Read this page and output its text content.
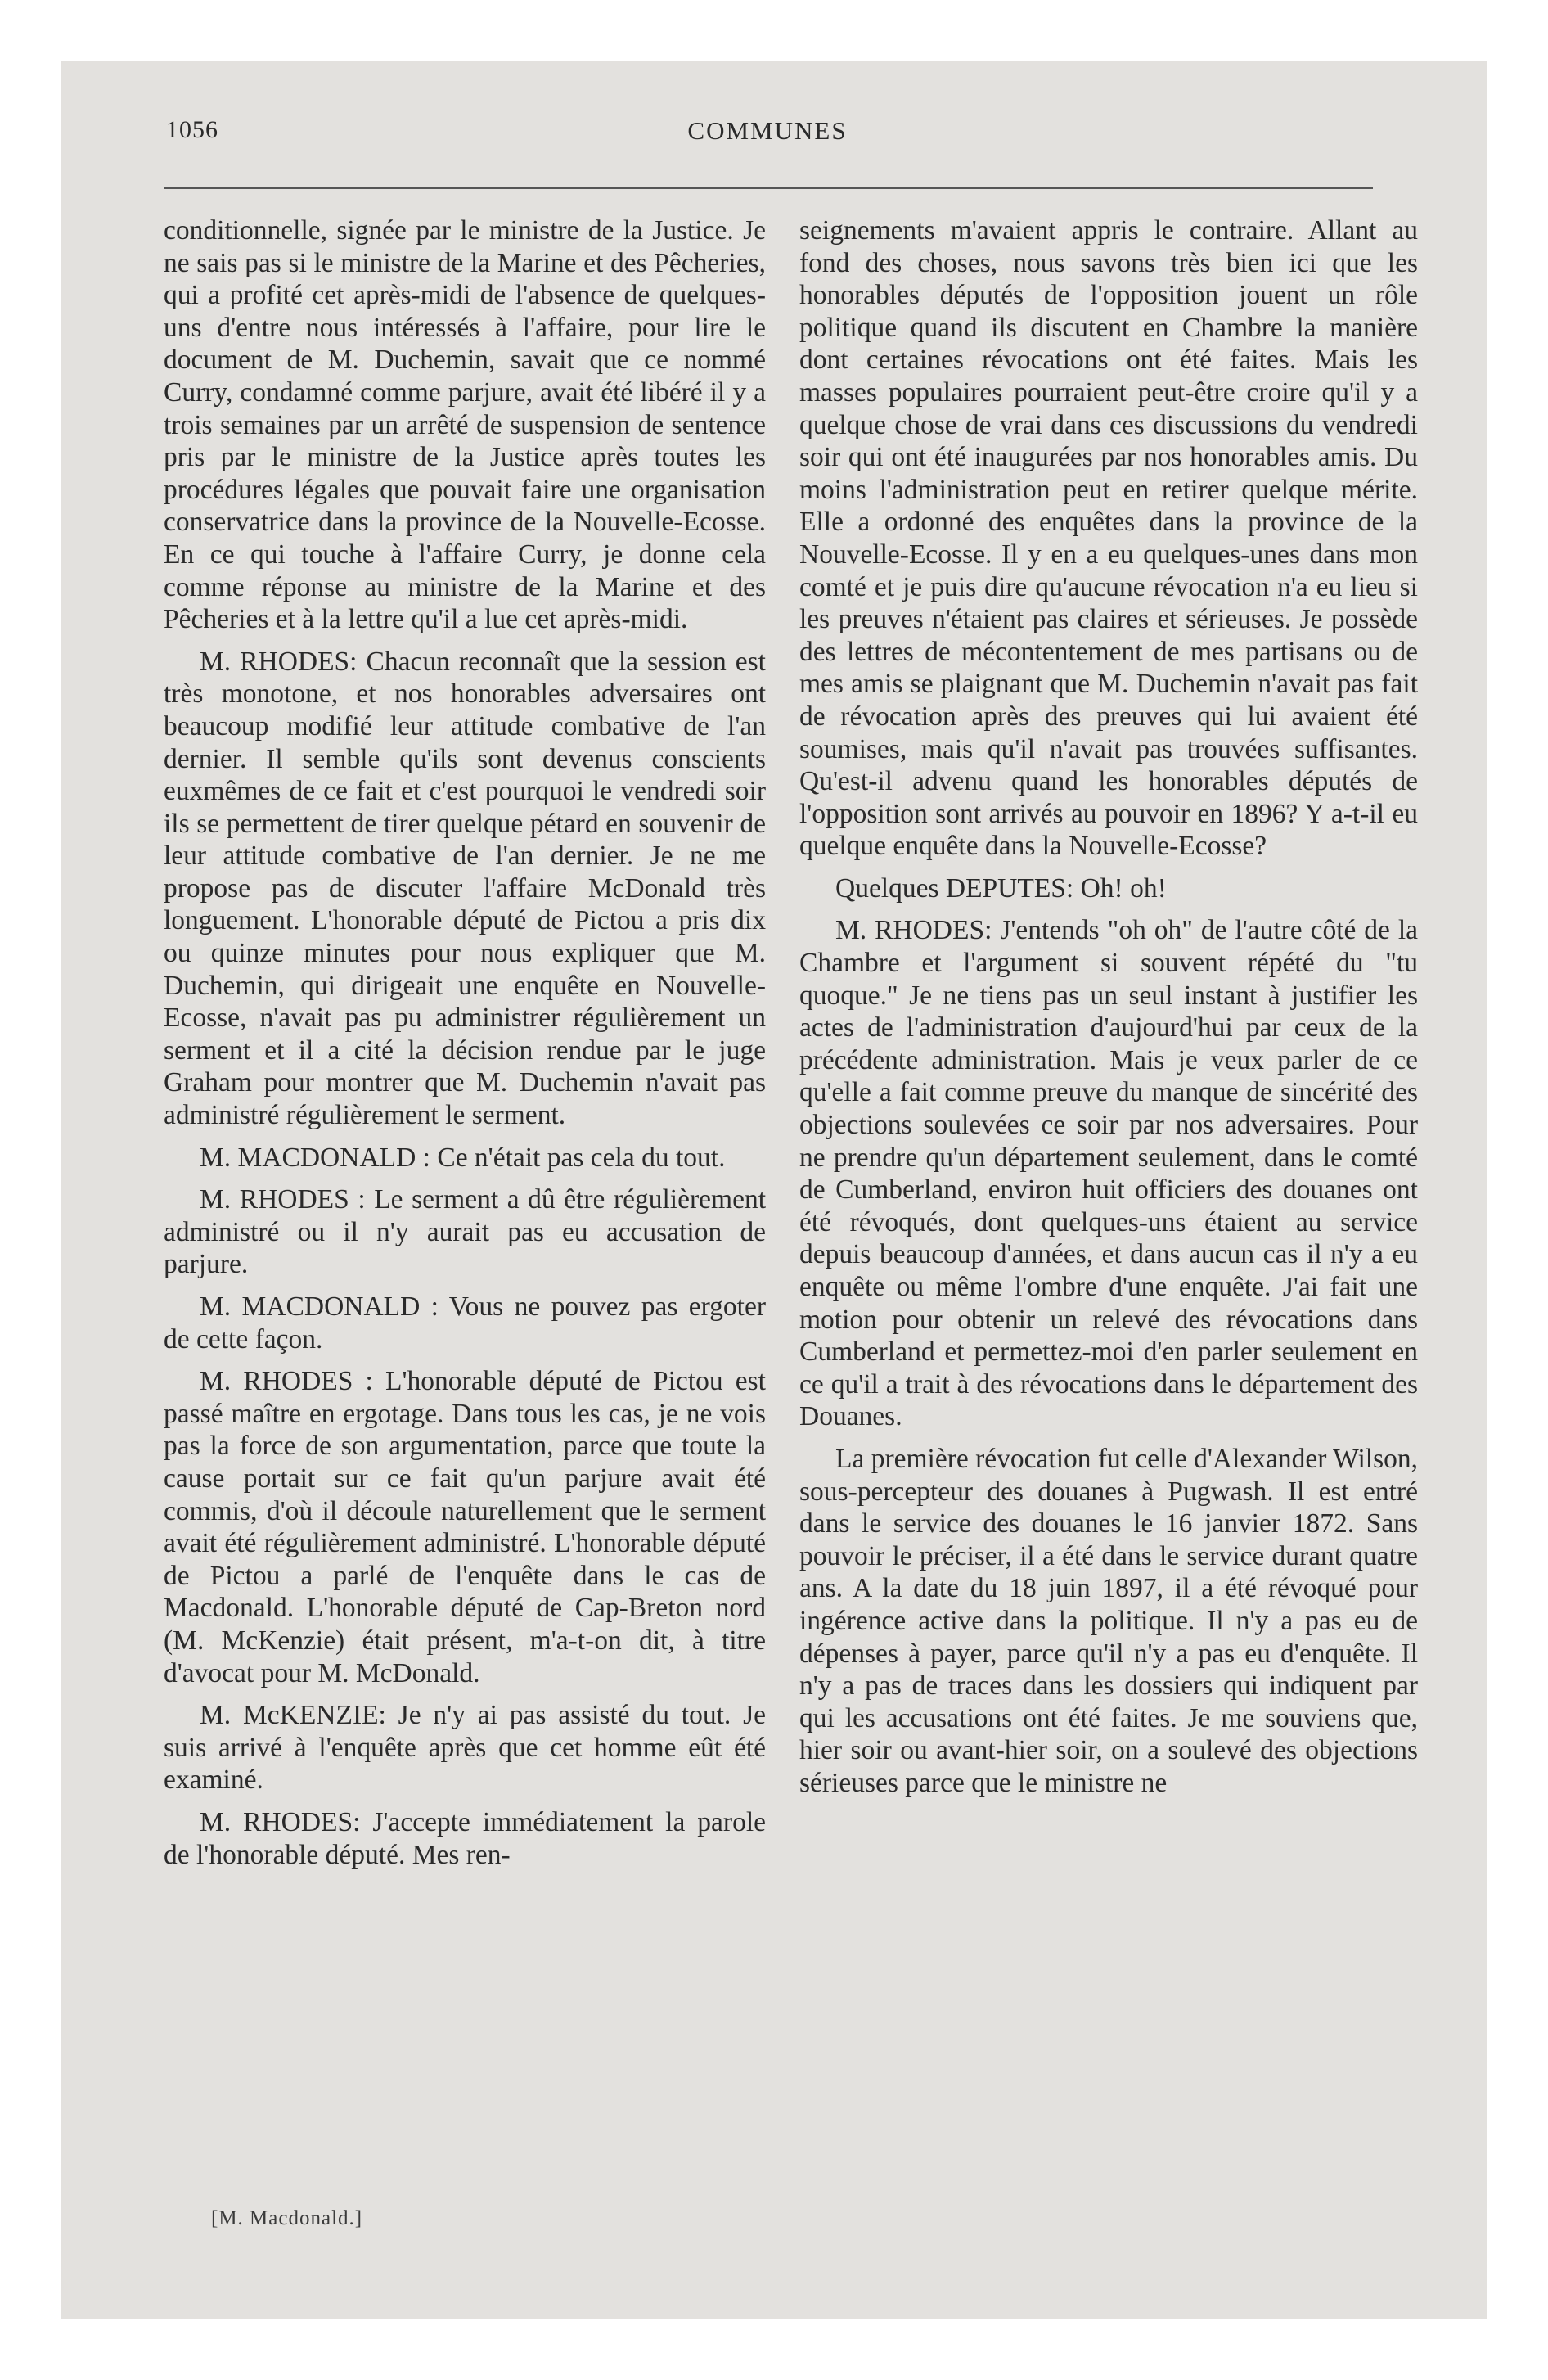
1056	COMMUNES

conditionnelle, signée par le ministre de la Justice. Je ne sais pas si le ministre de la Marine et des Pêcheries, qui a profité cet après-midi de l'absence de quelques-uns d'entre nous intéressés à l'affaire, pour lire le document de M. Duchemin, savait que ce nommé Curry, condamné comme parjure, avait été libéré il y a trois semaines par un arrêté de suspension de sentence pris par le ministre de la Justice après toutes les procédures légales que pouvait faire une organisation conservatrice dans la province de la Nouvelle-Ecosse. En ce qui touche à l'affaire Curry, je donne cela comme réponse au ministre de la Marine et des Pêcheries et à la lettre qu'il a lue cet après-midi.

M. RHODES: Chacun reconnaît que la session est très monotone, et nos honorables adversaires ont beaucoup modifié leur attitude combative de l'an dernier. Il semble qu'ils sont devenus conscients euxmêmes de ce fait et c'est pourquoi le vendredi soir ils se permettent de tirer quelque pétard en souvenir de leur attitude combative de l'an dernier. Je ne me propose pas de discuter l'affaire McDonald très longuement. L'honorable député de Pictou a pris dix ou quinze minutes pour nous expliquer que M. Duchemin, qui dirigeait une enquête en Nouvelle-Ecosse, n'avait pas pu administrer régulièrement un serment et il a cité la décision rendue par le juge Graham pour montrer que M. Duchemin n'avait pas administré régulièrement le serment.

M. MACDONALD : Ce n'était pas cela du tout.

M. RHODES : Le serment a dû être régulièrement administré ou il n'y aurait pas eu accusation de parjure.

M. MACDONALD : Vous ne pouvez pas ergoter de cette façon.

M. RHODES : L'honorable député de Pictou est passé maître en ergotage. Dans tous les cas, je ne vois pas la force de son argumentation, parce que toute la cause portait sur ce fait qu'un parjure avait été commis, d'où il découle naturellement que le serment avait été régulièrement administré. L'honorable député de Pictou a parlé de l'enquête dans le cas de Macdonald. L'honorable député de Cap-Breton nord (M. McKenzie) était présent, m'a-t-on dit, à titre d'avocat pour M. McDonald.

M. McKENZIE: Je n'y ai pas assisté du tout. Je suis arrivé à l'enquête après que cet homme eût été examiné.

M. RHODES: J'accepte immédiatement la parole de l'honorable député. Mes ren-

seignements m'avaient appris le contraire. Allant au fond des choses, nous savons très bien ici que les honorables députés de l'opposition jouent un rôle politique quand ils discutent en Chambre la manière dont certaines révocations ont été faites. Mais les masses populaires pourraient peut-être croire qu'il y a quelque chose de vrai dans ces discussions du vendredi soir qui ont été inaugurées par nos honorables amis. Du moins l'administration peut en retirer quelque mérite. Elle a ordonné des enquêtes dans la province de la Nouvelle-Ecosse. Il y en a eu quelques-unes dans mon comté et je puis dire qu'aucune révocation n'a eu lieu si les preuves n'étaient pas claires et sérieuses. Je possède des lettres de mécontentement de mes partisans ou de mes amis se plaignant que M. Duchemin n'avait pas fait de révocation après des preuves qui lui avaient été soumises, mais qu'il n'avait pas trouvées suffisantes. Qu'est-il advenu quand les honorables députés de l'opposition sont arrivés au pouvoir en 1896? Y a-t-il eu quelque enquête dans la Nouvelle-Ecosse?

Quelques DEPUTES: Oh! oh!

M. RHODES: J'entends "oh oh" de l'autre côté de la Chambre et l'argument si souvent répété du "tu quoque." Je ne tiens pas un seul instant à justifier les actes de l'administration d'aujourd'hui par ceux de la précédente administration. Mais je veux parler de ce qu'elle a fait comme preuve du manque de sincérité des objections soulevées ce soir par nos adversaires. Pour ne prendre qu'un département seulement, dans le comté de Cumberland, environ huit officiers des douanes ont été révoqués, dont quelques-uns étaient au service depuis beaucoup d'années, et dans aucun cas il n'y a eu enquête ou même l'ombre d'une enquête. J'ai fait une motion pour obtenir un relevé des révocations dans Cumberland et permettez-moi d'en parler seulement en ce qu'il a trait à des révocations dans le département des Douanes.

La première révocation fut celle d'Alexander Wilson, sous-percepteur des douanes à Pugwash. Il est entré dans le service des douanes le 16 janvier 1872. Sans pouvoir le préciser, il a été dans le service durant quatre ans. A la date du 18 juin 1897, il a été révoqué pour ingérence active dans la politique. Il n'y a pas eu de dépenses à payer, parce qu'il n'y a pas eu d'enquête. Il n'y a pas de traces dans les dossiers qui indiquent par qui les accusations ont été faites. Je me souviens que, hier soir ou avant-hier soir, on a soulevé des objections sérieuses parce que le ministre ne

[M. Macdonald.]
